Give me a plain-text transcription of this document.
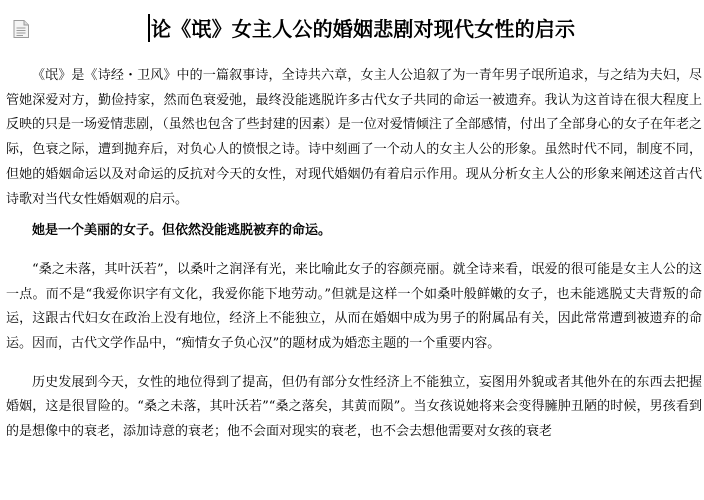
论《氓》女主人公的婚姻悲剧对现代女性的启示

《氓》是《诗经・卫风》中的一篇叙事诗，全诗共六章，女主人公追叙了为一青年男子氓所追求，与之结为夫妇，尽管她深爱对方，勤俭持家，然而色衰爱弛，最终没能逃脱许多古代女子共同的命运一被遗弃。我认为这首诗在很大程度上反映的只是一场爱情悲剧，（虽然也包含了些封建的因素）是一位对爱情倾注了全部感情，付出了全部身心的女子在年老之际，色衰之际，遭到抛弃后，对负心人的愤恨之诗。诗中刻画了一个动人的女主人公的形象。虽然时代不同，制度不同，但她的婚姻命运以及对命运的反抗对今天的女性，对现代婚姻仍有着启示作用。现从分析女主人公的形象来阐述这首古代诗歌对当代女性婚姻观的启示。

她是一个美丽的女子。但依然没能逃脱被弃的命运。

“桑之未落，其叶沃若”，以桑叶之润泽有光，来比喻此女子的容颜亮丽。就全诗来看，氓爱的很可能是女主人公的这一点。而不是“我爱你识字有文化，我爱你能下地劳动。”但就是这样一个如桑叶般鲜嫩的女子，也未能逃脱丈夫背叛的命运，这跟古代妇女在政治上没有地位，经济上不能独立，从而在婚姻中成为男子的附属品有关，因此常常遭到被遗弃的命运。因而，古代文学作品中，“痴情女子负心汉”的题材成为婚恋主题的一个重要内容。

历史发展到今天，女性的地位得到了提高，但仍有部分女性经济上不能独立，妄图用外貌或者其他外在的东西去把握婚姻，这是很冒险的。“桑之未落，其叶沃若”“桑之落矣，其黄而陨”。当女孩说她将来会变得臃肿丑陋的时候，男孩看到的是想像中的衰老，添加诗意的衰老；他不会面对现实的衰老，也不会去想他需要对女孩的衰老
